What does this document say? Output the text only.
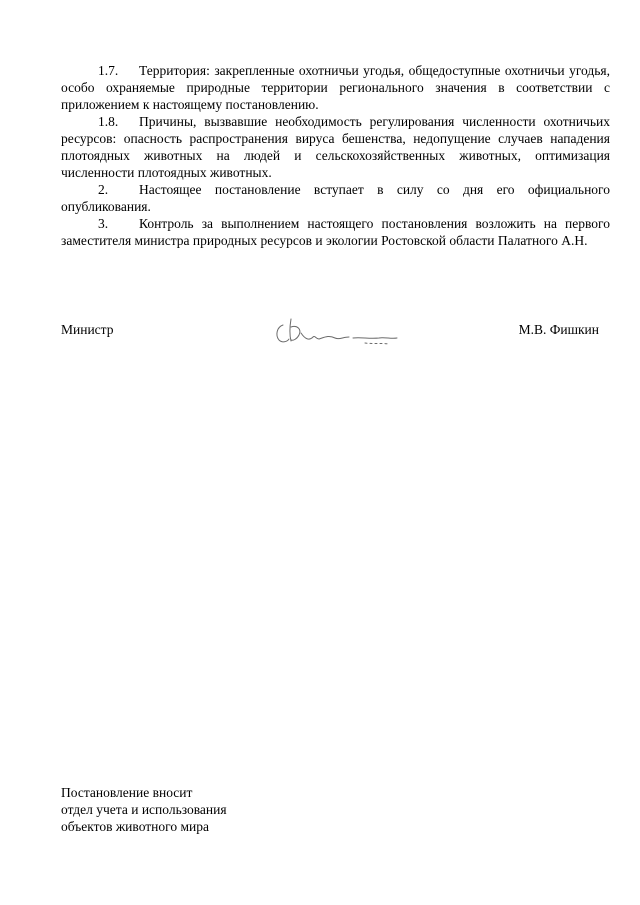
1.7. Территория: закрепленные охотничьи угодья, общедоступные охотничьи угодья, особо охраняемые природные территории регионального значения в соответствии с приложением к настоящему постановлению.

1.8. Причины, вызвавшие необходимость регулирования численности охотничьих ресурсов: опасность распространения вируса бешенства, недопущение случаев нападения плотоядных животных на людей и сельскохозяйственных животных, оптимизация численности плотоядных животных.

2. Настоящее постановление вступает в силу со дня его официального опубликования.

3. Контроль за выполнением настоящего постановления возложить на первого заместителя министра природных ресурсов и экологии Ростовской области Палатного А.Н.

Министр	М.В. Фишкин
Постановление вносит
отдел учета и использования
объектов животного мира
